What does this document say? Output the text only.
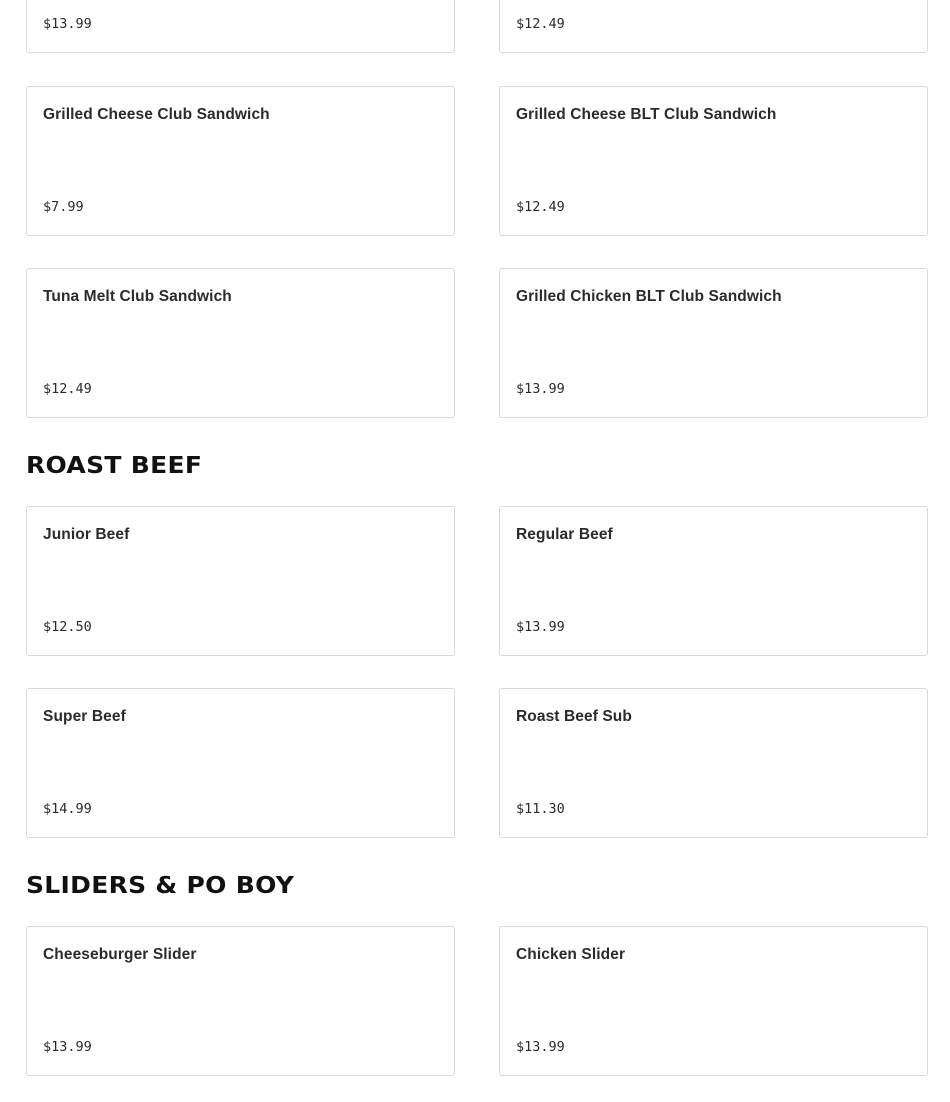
$13.99	$12.49
Grilled Cheese Club Sandwich
$7.99
Grilled Cheese BLT Club Sandwich
$12.49
Tuna Melt Club Sandwich
$12.49
Grilled Chicken BLT Club Sandwich
$13.99
ROAST BEEF
Junior Beef
$12.50
Regular Beef
$13.99
Super Beef
$14.99
Roast Beef Sub
$11.30
SLIDERS & PO BOY
Cheeseburger Slider
$13.99
Chicken Slider
$13.99
